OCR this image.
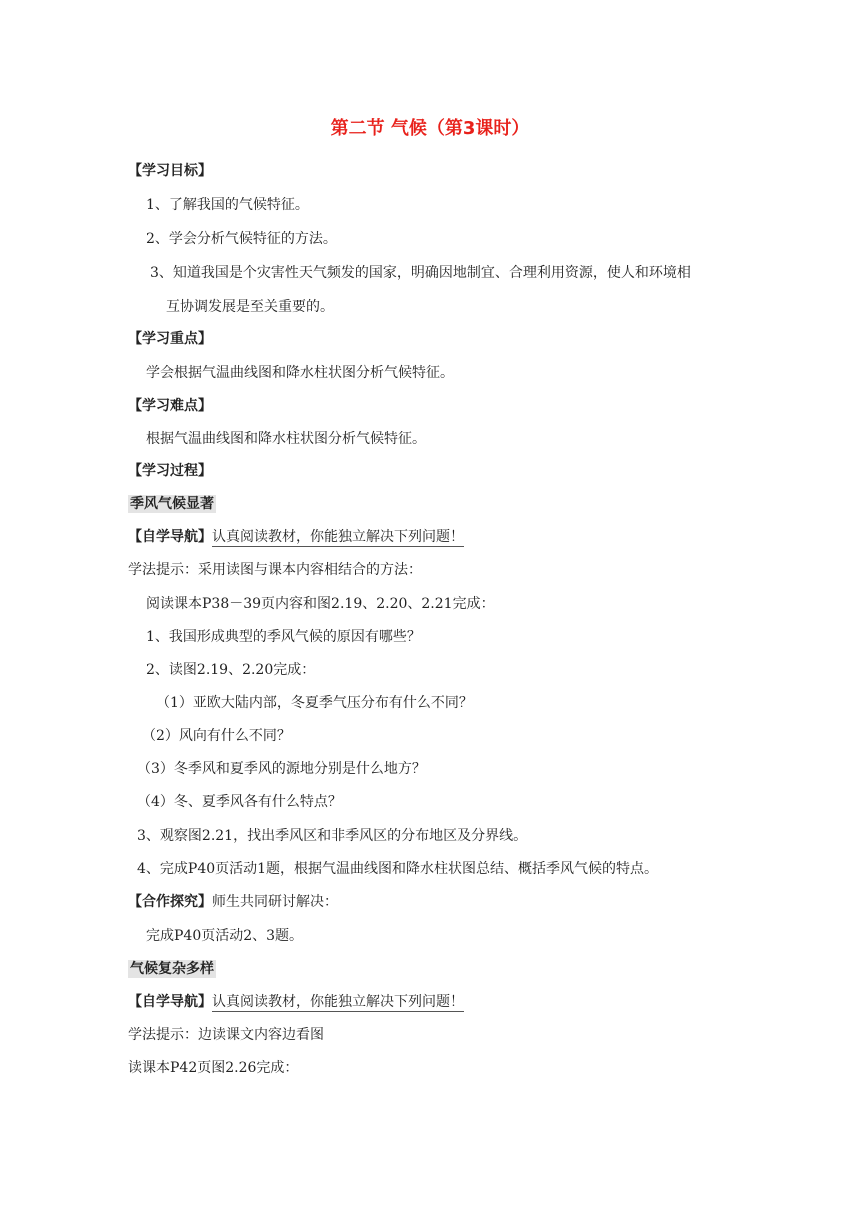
第二节 气候（第3课时）
【学习目标】
1、了解我国的气候特征。
2、学会分析气候特征的方法。
3、知道我国是个灾害性天气频发的国家，明确因地制宜、合理利用资源，使人和环境相
互协调发展是至关重要的。
【学习重点】
学会根据气温曲线图和降水柱状图分析气候特征。
【学习难点】
根据气温曲线图和降水柱状图分析气候特征。
【学习过程】
季风气候显著
【自学导航】认真阅读教材，你能独立解决下列问题！
学法提示：采用读图与课本内容相结合的方法：
阅读课本P38－39页内容和图2.19、2.20、2.21完成：
1、我国形成典型的季风气候的原因有哪些？
2、读图2.19、2.20完成：
（1）亚欧大陆内部，冬夏季气压分布有什么不同？
（2）风向有什么不同？
（3）冬季风和夏季风的源地分别是什么地方？
（4）冬、夏季风各有什么特点？
3、观察图2.21，找出季风区和非季风区的分布地区及分界线。
4、完成P40页活动1题，根据气温曲线图和降水柱状图总结、概括季风气候的特点。
【合作探究】师生共同研讨解决：
完成P40页活动2、3题。
气候复杂多样
【自学导航】认真阅读教材，你能独立解决下列问题！
学法提示：边读课文内容边看图
读课本P42页图2.26完成：
